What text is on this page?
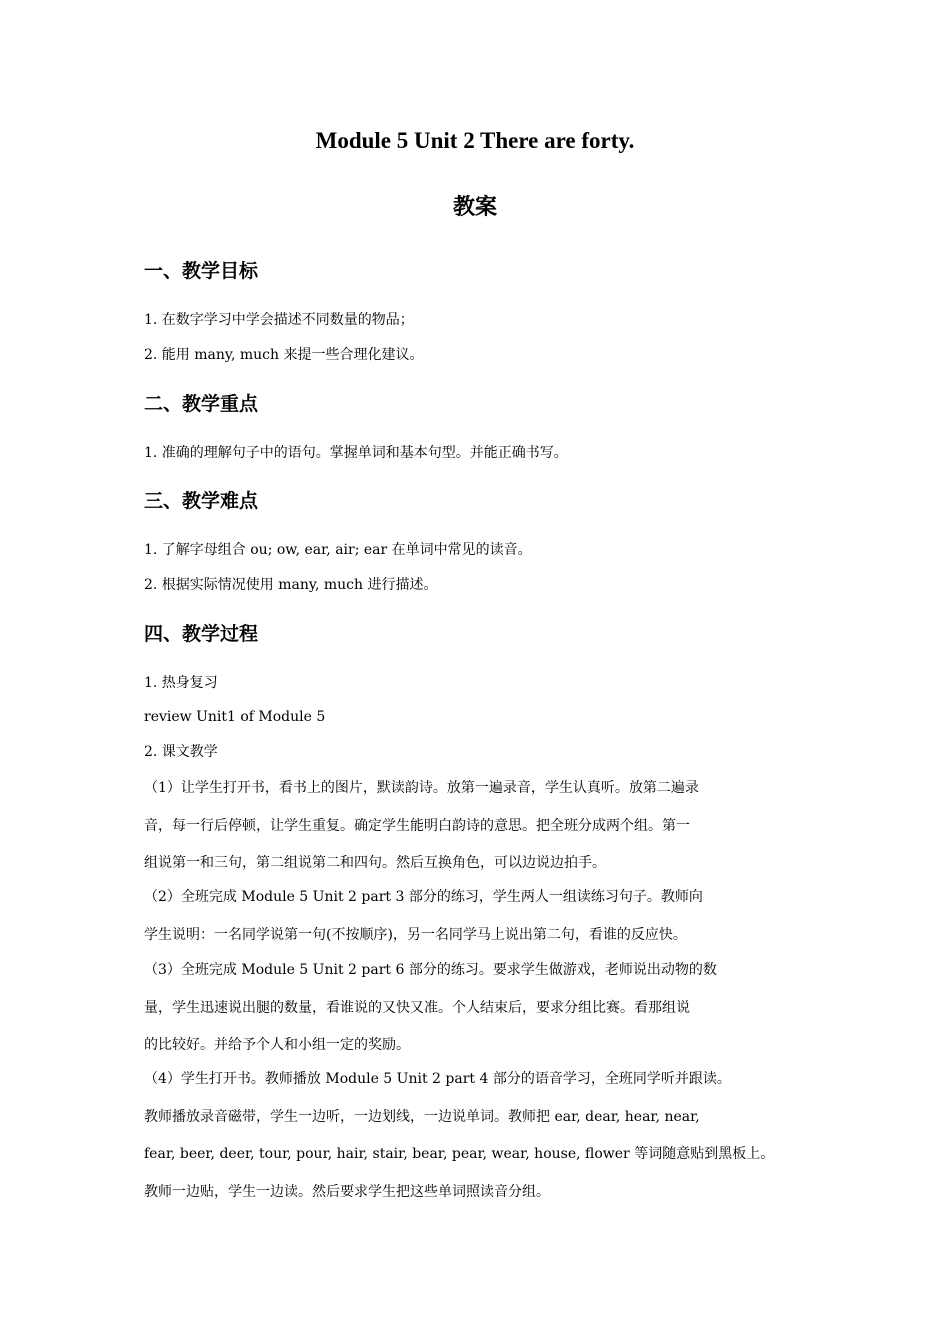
Module 5 Unit 2 There are forty.
教案
一、教学目标

1. 在数字学习中学会描述不同数量的物品；

2. 能用 many, much 来提一些合理化建议。

二、教学重点

1. 准确的理解句子中的语句。掌握单词和基本句型。并能正确书写。

三、教学难点

1. 了解字母组合 ou; ow, ear, air; ear 在单词中常见的读音。

2. 根据实际情况使用 many, much 进行描述。

四、教学过程

1. 热身复习

review Unit1 of Module 5

2. 课文教学

（1）让学生打开书，看书上的图片，默读韵诗。放第一遍录音，学生认真听。放第二遍录

音，每一行后停顿，让学生重复。确定学生能明白韵诗的意思。把全班分成两个组。第一

组说第一和三句，第二组说第二和四句。然后互换角色，可以边说边拍手。

（2）全班完成 Module 5 Unit 2 part 3 部分的练习，学生两人一组读练习句子。教师向

学生说明：一名同学说第一句(不按顺序)，另一名同学马上说出第二句，看谁的反应快。

（3）全班完成 Module 5 Unit 2 part 6 部分的练习。要求学生做游戏，老师说出动物的数

量，学生迅速说出腿的数量，看谁说的又快又准。个人结束后，要求分组比赛。看那组说

的比较好。并给予个人和小组一定的奖励。

（4）学生打开书。教师播放 Module 5 Unit 2 part 4 部分的语音学习，全班同学听并跟读。

教师播放录音磁带，学生一边听，一边划线，一边说单词。教师把 ear, dear, hear, near,

fear, beer, deer, tour, pour, hair, stair, bear, pear, wear, house, flower 等词随意贴到黑板上。

教师一边贴，学生一边读。然后要求学生把这些单词照读音分组。
